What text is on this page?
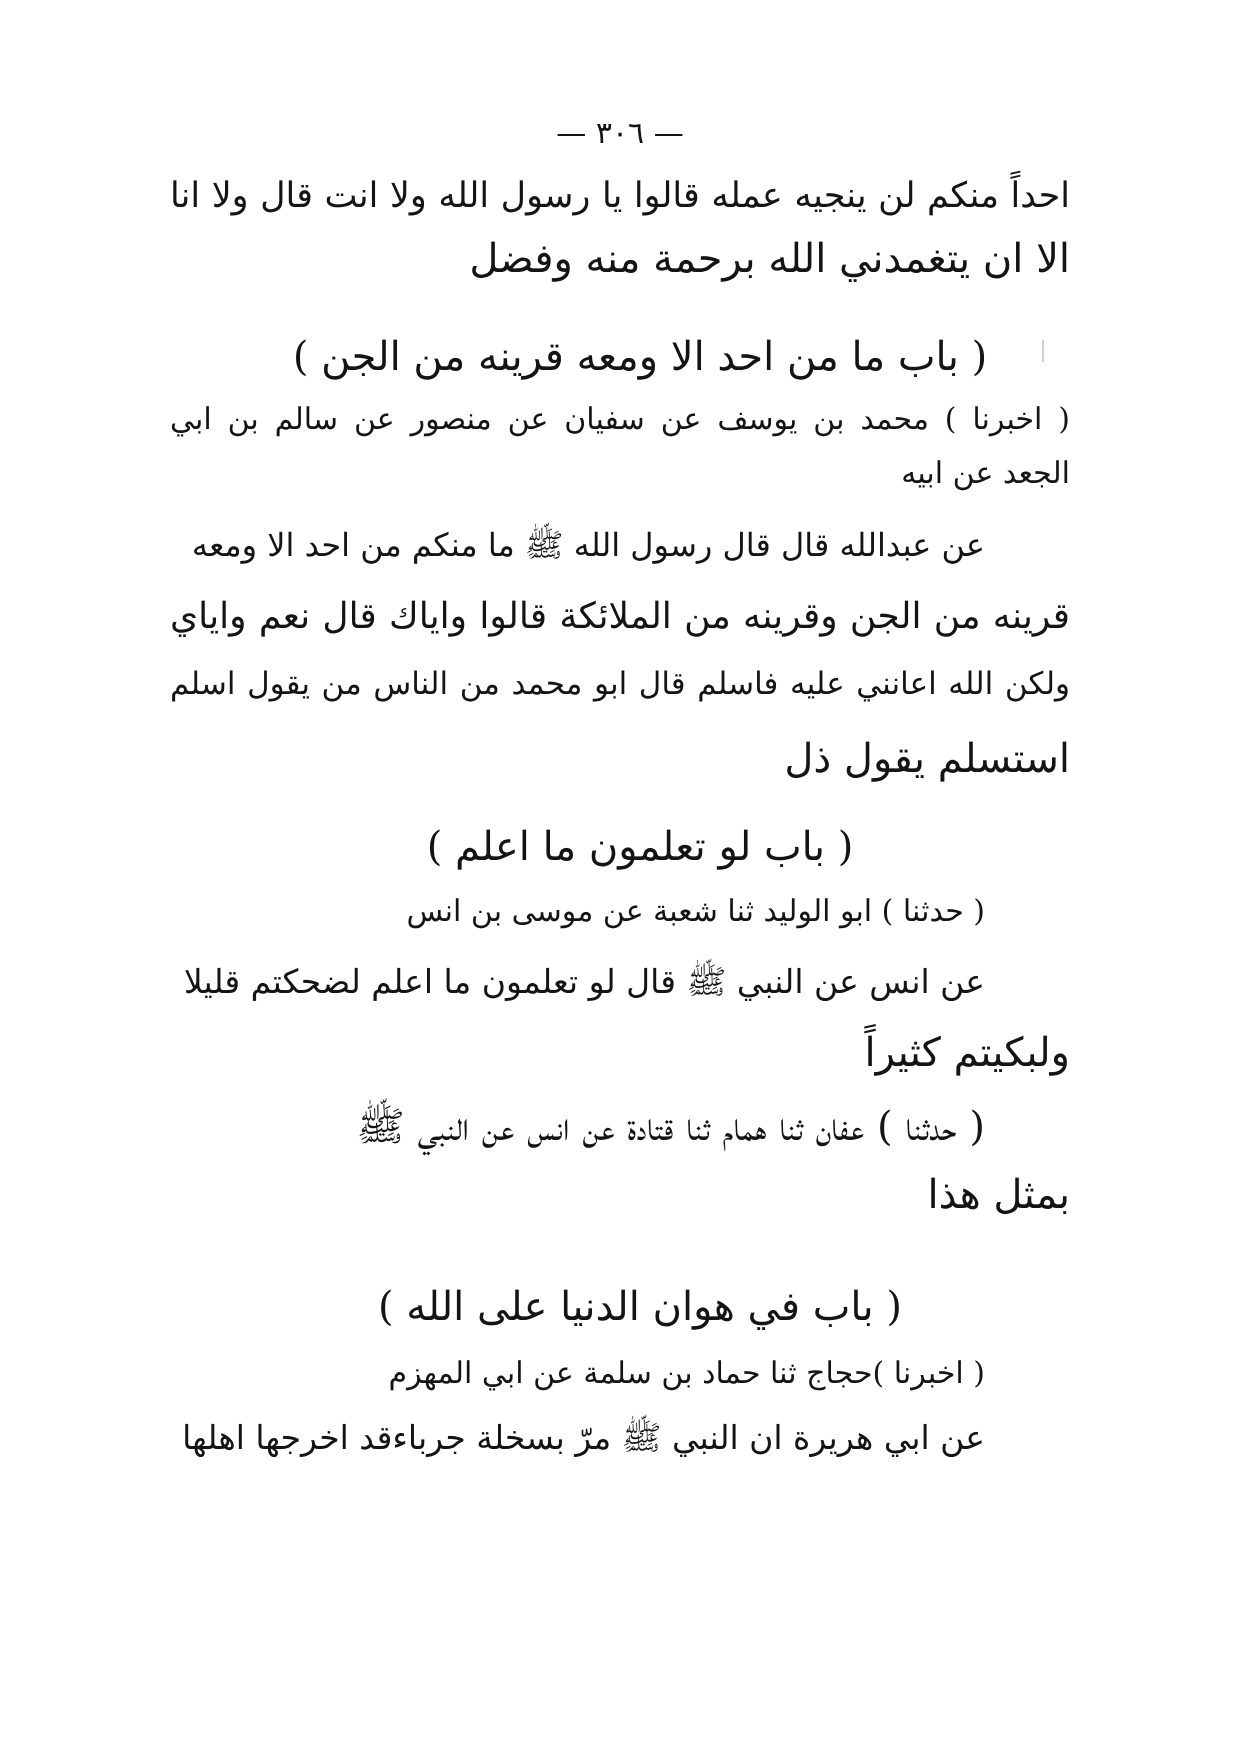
— ٣٠٦ —
احداً منكم لن ينجيه عمله قالوا يا رسول الله ولا انت قال ولا انا
الا ان يتغمدني الله برحمة منه وفضل
( باب ما من احد الا ومعه قرينه من الجن )
( اخبرنا ) محمد بن يوسف عن سفيان عن منصور عن سالم بن ابي
الجعد عن ابيه
عن عبدالله قال قال رسول الله ﷺ ما منكم من احد الا ومعه
قرينه من الجن وقرينه من الملائكة قالوا واياك قال نعم واياي
ولكن الله اعانني عليه فاسلم قال ابو محمد من الناس من يقول اسلم
استسلم يقول ذل
( باب لو تعلمون ما اعلم )
( حدثنا ) ابو الوليد ثنا شعبة عن موسى بن انس
عن انس عن النبي ﷺ قال لو تعلمون ما اعلم لضحكتم قليلا
ولبكيتم كثيراً
( حدثنا ) عفان ثنا همام ثنا قتادة عن انس عن النبي ﷺ
بمثل هذا
( باب في هوان الدنيا على الله )
( اخبرنا )حجاج ثنا حماد بن سلمة عن ابي المهزم
عن ابي هريرة ان النبي ﷺ مرّ بسخلة جرباءقد اخرجها اهلها
